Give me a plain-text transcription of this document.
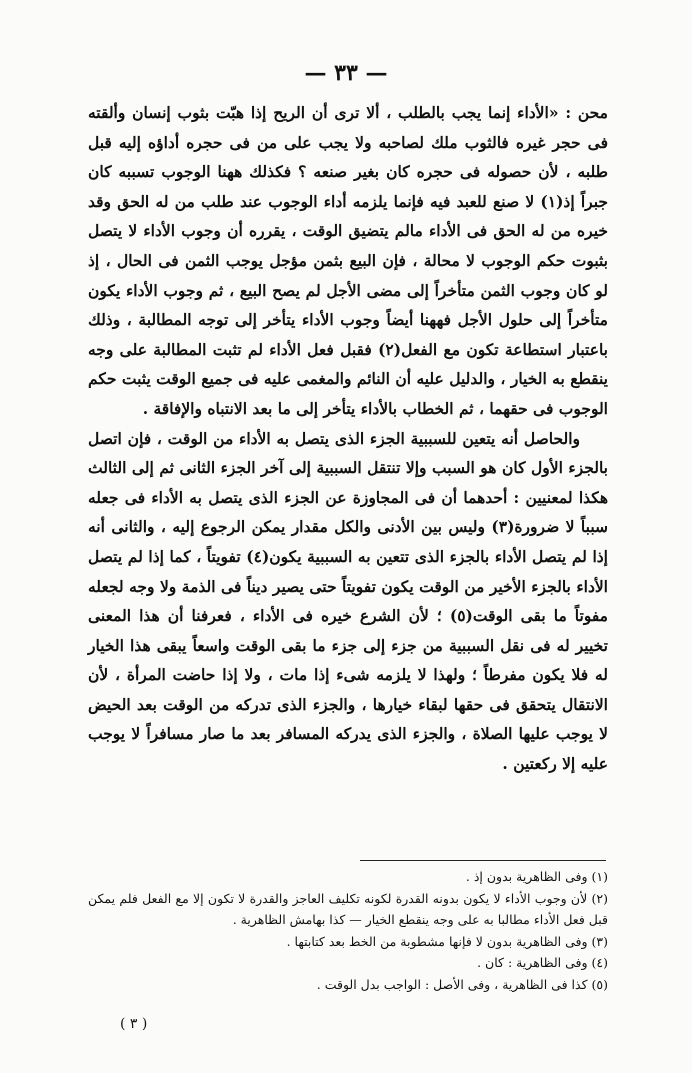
— ٣٣ —

محن : «الأداء إنما يجب بالطلب ، ألا ترى أن الريح إذا هبّت بثوب إنسان وألقته فى حجر غيره فالثوب ملك لصاحبه ولا يجب على من فى حجره أداؤه إليه قبل طلبه ، لأن حصوله فى حجره كان بغير صنعه ؟ فكذلك ههنا الوجوب تسببه كان جبراً إذ(١) لا صنع للعبد فيه فإنما يلزمه أداء الوجوب عند طلب من له الحق وقد خيره من له الحق فى الأداء مالم يتضيق الوقت ، يقرره أن وجوب الأداء لا يتصل بثبوت حكم الوجوب لا محالة ، فإن البيع بثمن مؤجل يوجب الثمن فى الحال ، إذ لو كان وجوب الثمن متأخراً إلى مضى الأجل لم يصح البيع ، ثم وجوب الأداء يكون متأخراً إلى حلول الأجل فههنا أيضاً وجوب الأداء يتأخر إلى توجه المطالبة ، وذلك باعتبار استطاعة تكون مع الفعل(٢) فقبل فعل الأداء لم تثبت المطالبة على وجه ينقطع به الخيار ، والدليل عليه أن النائم والمغمى عليه فى جميع الوقت يثبت حكم الوجوب فى حقهما ، ثم الخطاب بالأداء يتأخر إلى ما بعد الانتباه والإفاقة .

والحاصل أنه يتعين للسببية الجزء الذى يتصل به الأداء من الوقت ، فإن اتصل بالجزء الأول كان هو السبب وإلا تنتقل السببية إلى آخر الجزء الثانى ثم إلى الثالث هكذا لمعنيين : أحدهما أن فى المجاوزة عن الجزء الذى يتصل به الأداء فى جعله سبباً لا ضرورة(٣) وليس بين الأدنى والكل مقدار يمكن الرجوع إليه ، والثانى أنه إذا لم يتصل الأداء بالجزء الذى تتعين به السببية يكون(٤) تفويتاً ، كما إذا لم يتصل الأداء بالجزء الأخير من الوقت يكون تفويتاً حتى يصير ديناً فى الذمة ولا وجه لجعله مفوتاً ما بقى الوقت(٥) ؛ لأن الشرع خيره فى الأداء ، فعرفنا أن هذا المعنى تخيير له فى نقل السببية من جزء إلى جزء ما بقى الوقت واسعاً يبقى هذا الخيار له فلا يكون مفرطاً ؛ ولهذا لا يلزمه شىء إذا مات ، ولا إذا حاضت المرأة ، لأن الانتقال يتحقق فى حقها لبقاء خيارها ، والجزء الذى تدركه من الوقت بعد الحيض لا يوجب عليها الصلاة ، والجزء الذى يدركه المسافر بعد ما صار مسافراً لا يوجب عليه إلا ركعتين .

(١) وفى الظاهرية بدون إذ .

(٢) لأن وجوب الأداء لا يكون بدونه القدرة لكونه تكليف العاجز والقدرة لا تكون إلا مع الفعل فلم يمكن قبل فعل الأداء مطالبا به على وجه ينقطع الخيار — كذا بهامش الظاهرية .

(٣) وفى الظاهرية بدون لا فإنها مشطوبة من الخط بعد كتابتها .

(٤) وفى الظاهرية : كان .

(٥) كذا فى الظاهرية ، وفى الأصل : الواجب بدل الوقت .

( ٣ )
